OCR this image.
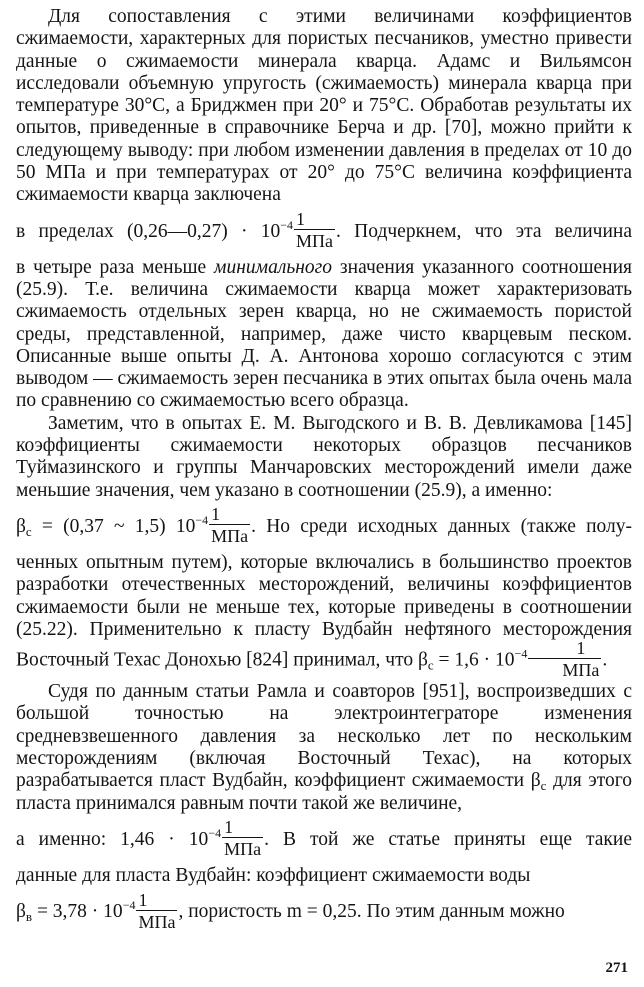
Для сопоставления с этими величинами коэффициентов сжимаемости, характерных для пористых песчаников, уместно привести данные о сжимаемости минерала кварца. Адамс и Вильямсон исследовали объемную упругость (сжимаемость) минерала кварца при температуре 30°С, а Бриджмен при 20° и 75°С. Обработав результаты их опытов, приведенные в справочнике Берча и др. [70], можно прийти к следующему выводу: при любом изменении давления в пределах от 10 до 50 МПа и при температурах от 20° до 75°С величина коэффициента сжимаемости кварца заключена
в пределах (0,26—0,27) · $10^{-4} \frac{1}{\text{МПа}}$ . Подчеркнем, что эта величина
в четыре раза меньше минимального значения указанного соотношения (25.9). Т.е. величина сжимаемости кварца может характеризовать сжимаемость отдельных зерен кварца, но не сжимаемость пористой среды, представленной, например, даже чисто кварцевым песком. Описанные выше опыты Д. А. Антонова хорошо согласуются с этим выводом — сжимаемость зерен песчаника в этих опытах была очень мала по сравнению со сжимаемостью всего образца.

Заметим, что в опытах Е. М. Выгодского и В. В. Девликамова [145] коэффициенты сжимаемости некоторых образцов песчаников Туймазинского и группы Манчаровских месторождений имели даже меньшие значения, чем указано в соотношении (25.9), а именно:
$\beta_c = (0,37$ ~ 1,5) $10^{-4} \frac{1}{\text{МПа}}$ . Но среди исходных данных (также полу-
ченных опытным путем), которые включались в большинство проектов разработки отечественных месторождений, величины коэффициентов сжимаемости были не меньше тех, которые приведены в соотношении (25.22). Применительно к пласту Вудбайн нефтяного месторождения Восточный Техас Донохью [824] принимал, что $\beta_c = 1,6 \cdot 10^{-4} \frac{1}{\text{МПа}}$ .

Судя по данным статьи Рамла и соавторов [951], воспроизведших с большой точностью на электроинтеграторе изменения средневзвешенного давления за несколько лет по нескольким месторождениям (включая Восточный Техас), на которых разрабатывается пласт Вудбайн, коэффициент сжимаемости $\beta_c$ для этого пласта принимался равным почти такой же величине,
а именно: $1,46 \cdot 10^{-4} \frac{1}{\text{МПа}}$ . В той же статье приняты еще такие
данные для пласта Вудбайн: коэффициент сжимаемости воды
$\beta_в = 3,78 \cdot 10^{-4} \frac{1}{\text{МПа}}$ , пористость m = 0,25. По этим данным можно

271
